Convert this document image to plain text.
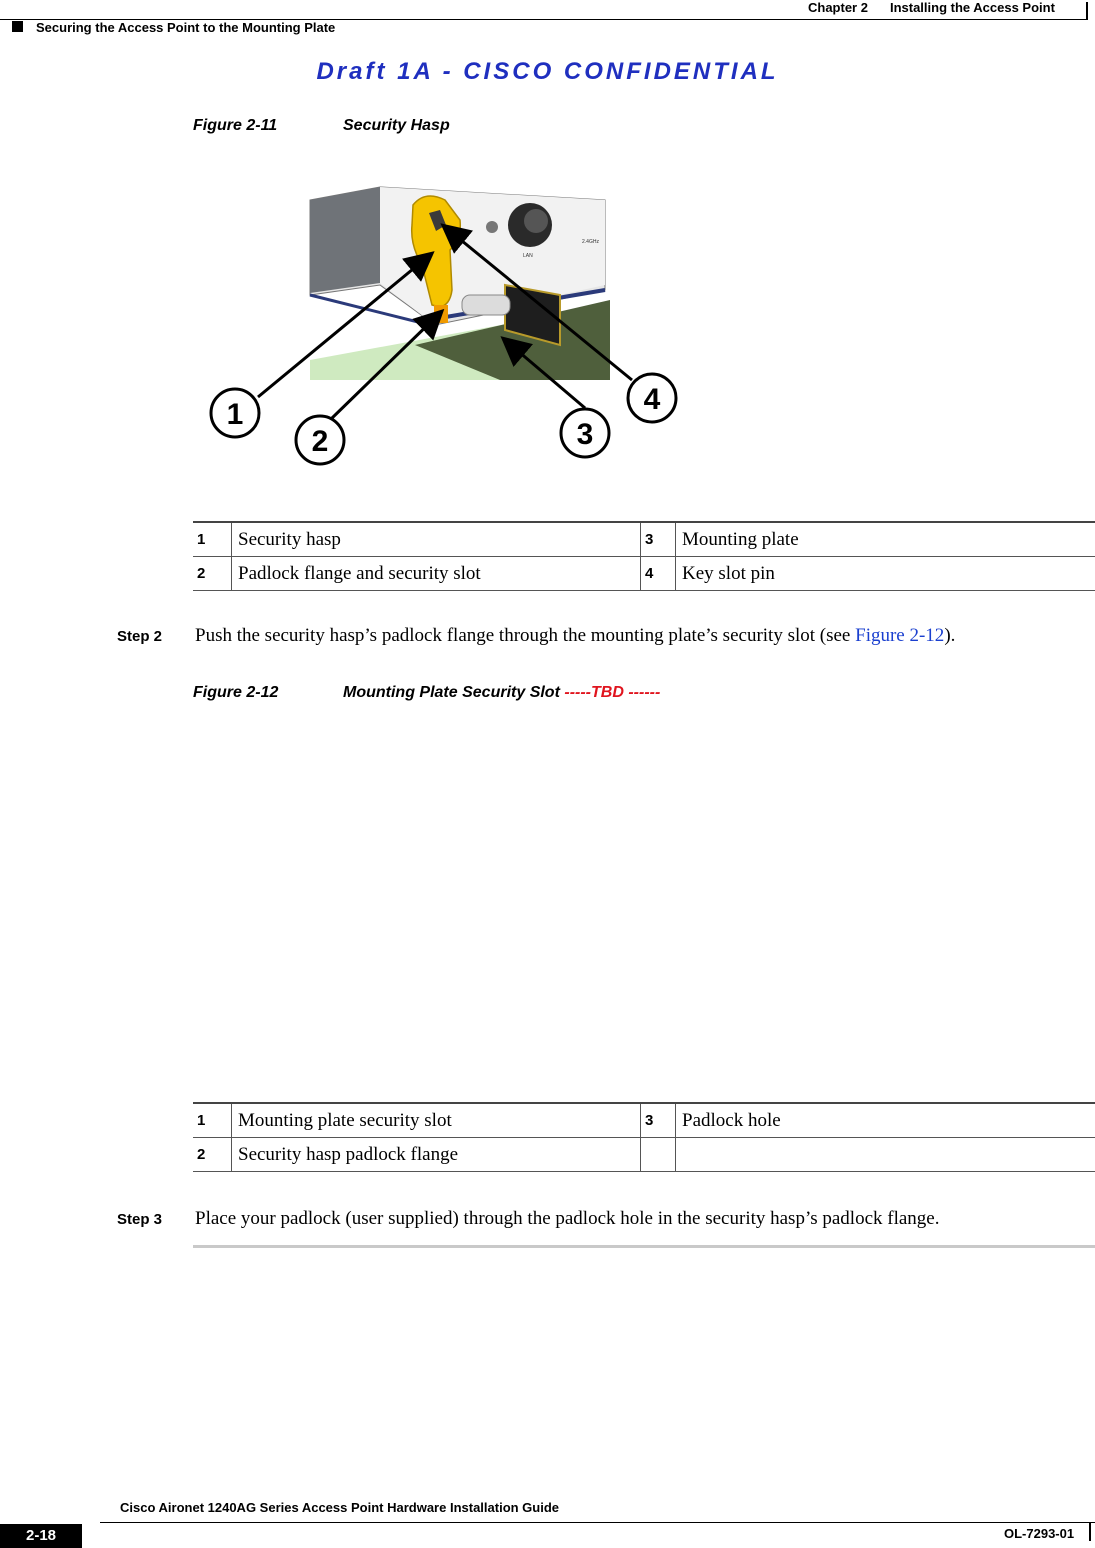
Chapter 2 Installing the Access Point
Securing the Access Point to the Mounting Plate
Draft 1A - CISCO CONFIDENTIAL
Figure 2-11	Security Hasp
2.4GHz
LAN
1
2	3
4
1	Security hasp	3	Mounting plate
2	Padlock flange and security slot	4	Key slot pin
Step 2 Push the security hasp’s padlock flange through the mounting plate’s security slot (see Figure 2-12).
Figure 2-12	Mounting Plate Security Slot -----TBD ------
1	Mounting plate security slot	3	Padlock hole
2	Security hasp padlock flange		
Step 3 Place your padlock (user supplied) through the padlock hole in the security hasp’s padlock flange.
Cisco Aironet 1240AG Series Access Point Hardware Installation Guide
2-18	OL-7293-01
